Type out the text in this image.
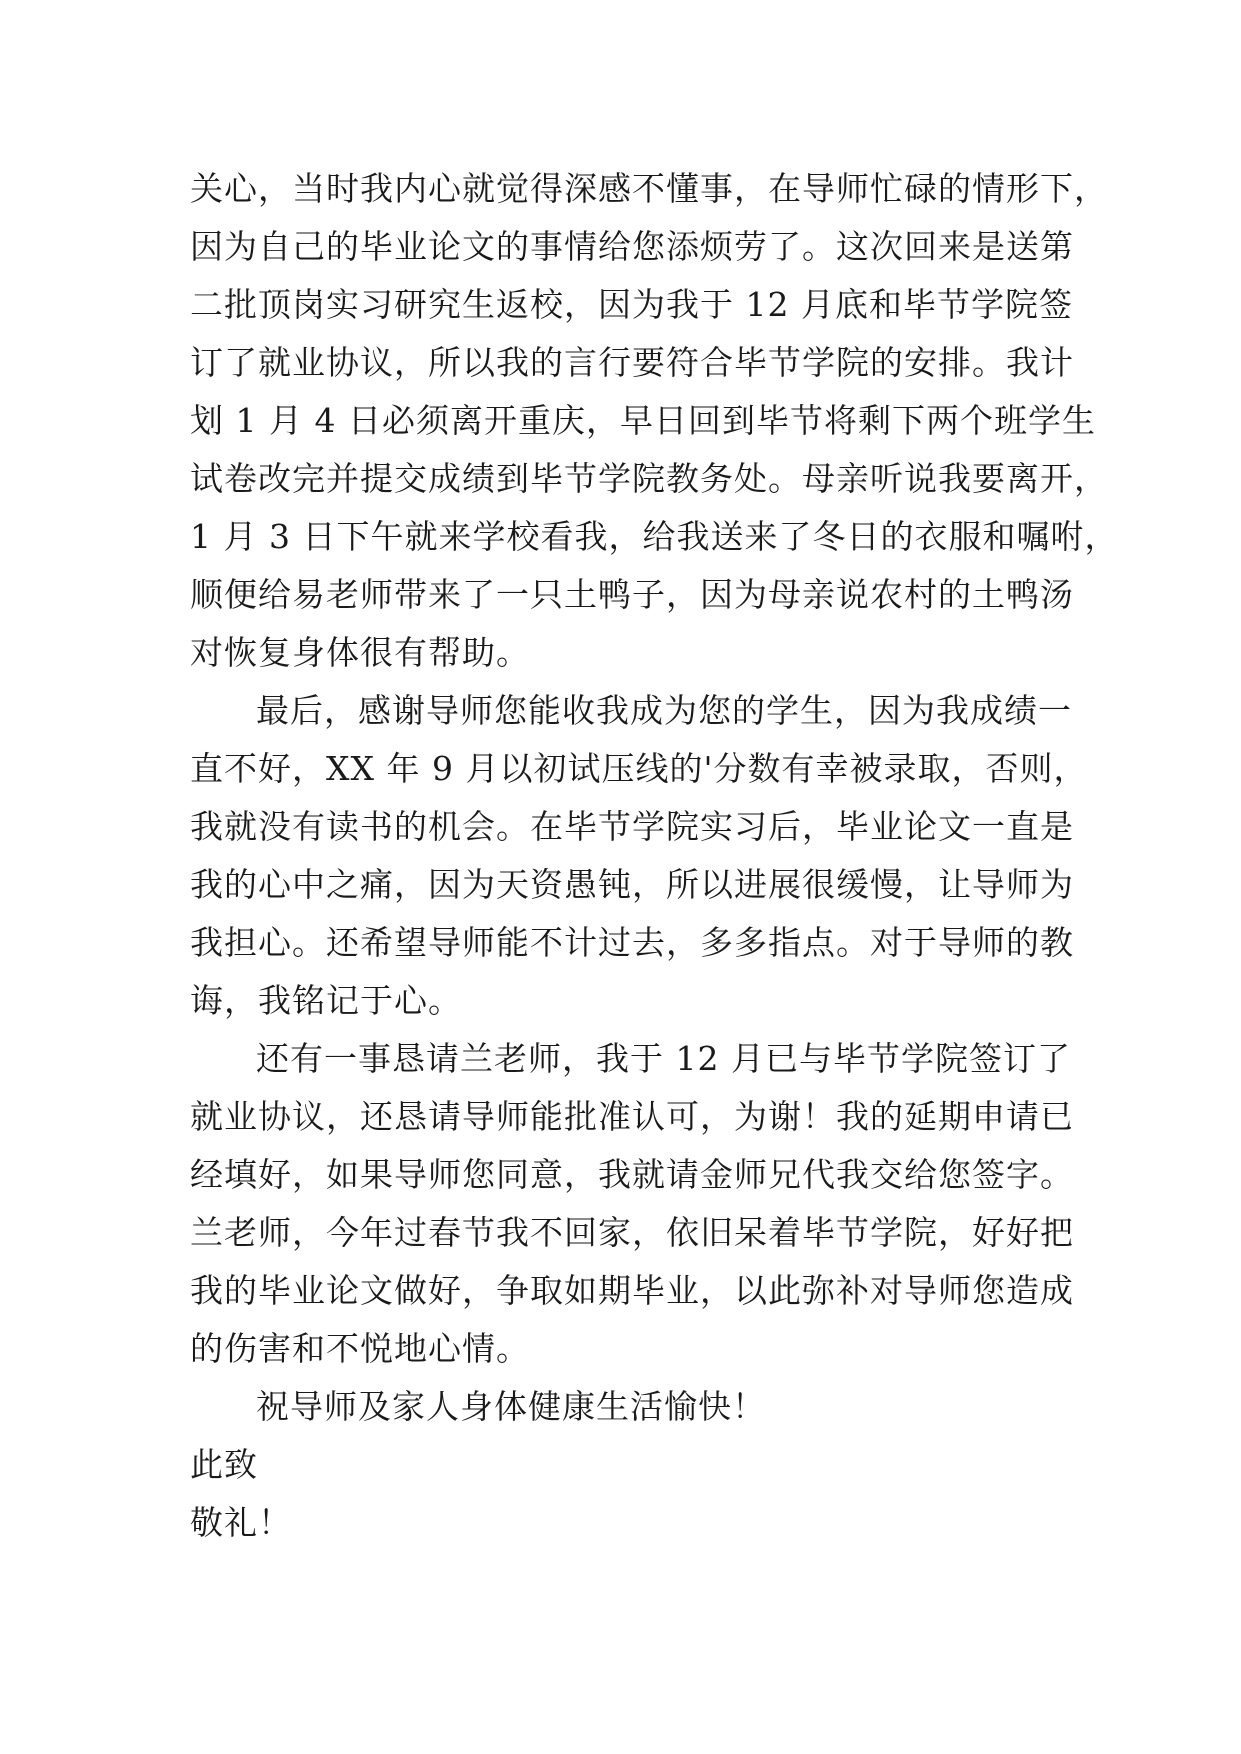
关心，当时我内心就觉得深感不懂事，在导师忙碌的情形下，
因为自己的毕业论文的事情给您添烦劳了。这次回来是送第
二批顶岗实习研究生返校，因为我于 12 月底和毕节学院签
订了就业协议，所以我的言行要符合毕节学院的安排。我计
划 1 月 4 日必须离开重庆，早日回到毕节将剩下两个班学生
试卷改完并提交成绩到毕节学院教务处。母亲听说我要离开，
1 月 3 日下午就来学校看我，给我送来了冬日的衣服和嘱咐，
顺便给易老师带来了一只土鸭子，因为母亲说农村的土鸭汤
对恢复身体很有帮助。
最后，感谢导师您能收我成为您的学生，因为我成绩一
直不好，XX 年 9 月以初试压线的'分数有幸被录取，否则，
我就没有读书的机会。在毕节学院实习后，毕业论文一直是
我的心中之痛，因为天资愚钝，所以进展很缓慢，让导师为
我担心。还希望导师能不计过去，多多指点。对于导师的教
诲，我铭记于心。
还有一事恳请兰老师，我于 12 月已与毕节学院签订了
就业协议，还恳请导师能批准认可，为谢！我的延期申请已
经填好，如果导师您同意，我就请金师兄代我交给您签字。
兰老师，今年过春节我不回家，依旧呆着毕节学院，好好把
我的毕业论文做好，争取如期毕业，以此弥补对导师您造成
的伤害和不悦地心情。
祝导师及家人身体健康生活愉快！
此致
敬礼！
